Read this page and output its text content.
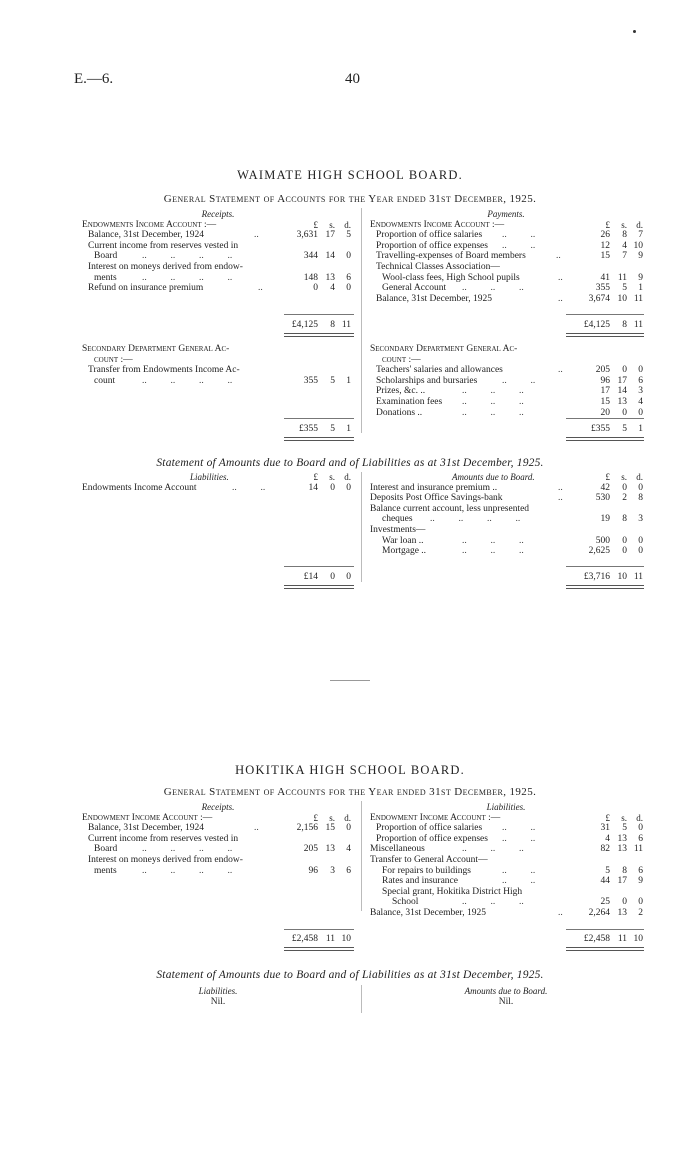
E.—6.	40
WAIMATE HIGH SCHOOL BOARD.
General Statement of Accounts for the Year ended 31st December, 1925.
Receipts.
Endowments Income Account :—	£	s.	d.
Balance, 31st December, 1924	..	3,631 17	5
Current income from reserves vested in
Board	..          ..          ..          ..	344 14	0
Interest on moneys derived from endow-
ments	..          ..          ..          ..	148 13	6
Refund on insurance premium	..	0	4	0
£4,125	8 11
Secondary Department General Ac-
count :—
Transfer from Endowments Income Ac-
count	..          ..          ..          ..	355	5	1
£355	5	1
Payments.
Endowments Income Account :—	£	s.	d.
Proportion of office salaries ..          ..	26	8	7
Proportion of office expenses ..          ..	12	4 10
Travelling-expenses of Board members	..	15	7	9
Technical Classes Association—
Wool-class fees, High School pupils	..	41 11	9
General Account ..          ..          ..	355	5	1
Balance, 31st December, 1925	..	3,674 10 11
£4,125	8 11
Secondary Department General Ac-
count :—
Teachers' salaries and allowances	..	205	0	0
Scholarships and bursaries	..          ..	96 17	6
Prizes, &c. ..	..          ..          ..	17 14	3
Examination fees ..          ..          ..	15 13	4
Donations ..	..          ..          ..	20	0	0
£355	5	1
Statement of Amounts due to Board and of Liabilities as at 31st December, 1925.
Liabilities.	£	s.	d.
Endowments Income Account	..          ..	14	0	0
£14	0	0
Amounts due to Board.	£	s.	d.
Interest and insurance premium ..	..	42	0	0
Deposits Post Office Savings-bank	..	530	2	8
Balance current account, less unpresented
cheques ..          ..          ..          ..	19	8	3
Investments—
War loan ..	..          ..          ..	500	0	0
Mortgage ..	..          ..          ..	2,625	0	0
£3,716 10 11
HOKITIKA HIGH SCHOOL BOARD.
General Statement of Accounts for the Year ended 31st December, 1925.
Receipts.
Endowment Income Account :—	£	s.	d.
Balance, 31st December, 1924	..	2,156 15	0
Current income from reserves vested in
Board	..          ..          ..          ..	205 13	4
Interest on moneys derived from endow-
ments	..          ..          ..          ..	96	3	6
£2,458 11 10
Liabilities.
Endowment Income Account :—	£	s.	d.
Proportion of office salaries ..          ..	31	5	0
Proportion of office expenses ..          ..	4 13	6
Miscellaneous	..          ..          ..	82 13 11
Transfer to General Account—
For repairs to buildings	..          ..	5	8	6
Rates and insurance	..          ..	44 17	9
Special grant, Hokitika District High
School	..          ..          ..	25	0	0
Balance, 31st December, 1925	..	2,264 13	2
£2,458 11 10
Statement of Amounts due to Board and of Liabilities as at 31st December, 1925.
Liabilities.
Nil.
Amounts due to Board.
Nil.
